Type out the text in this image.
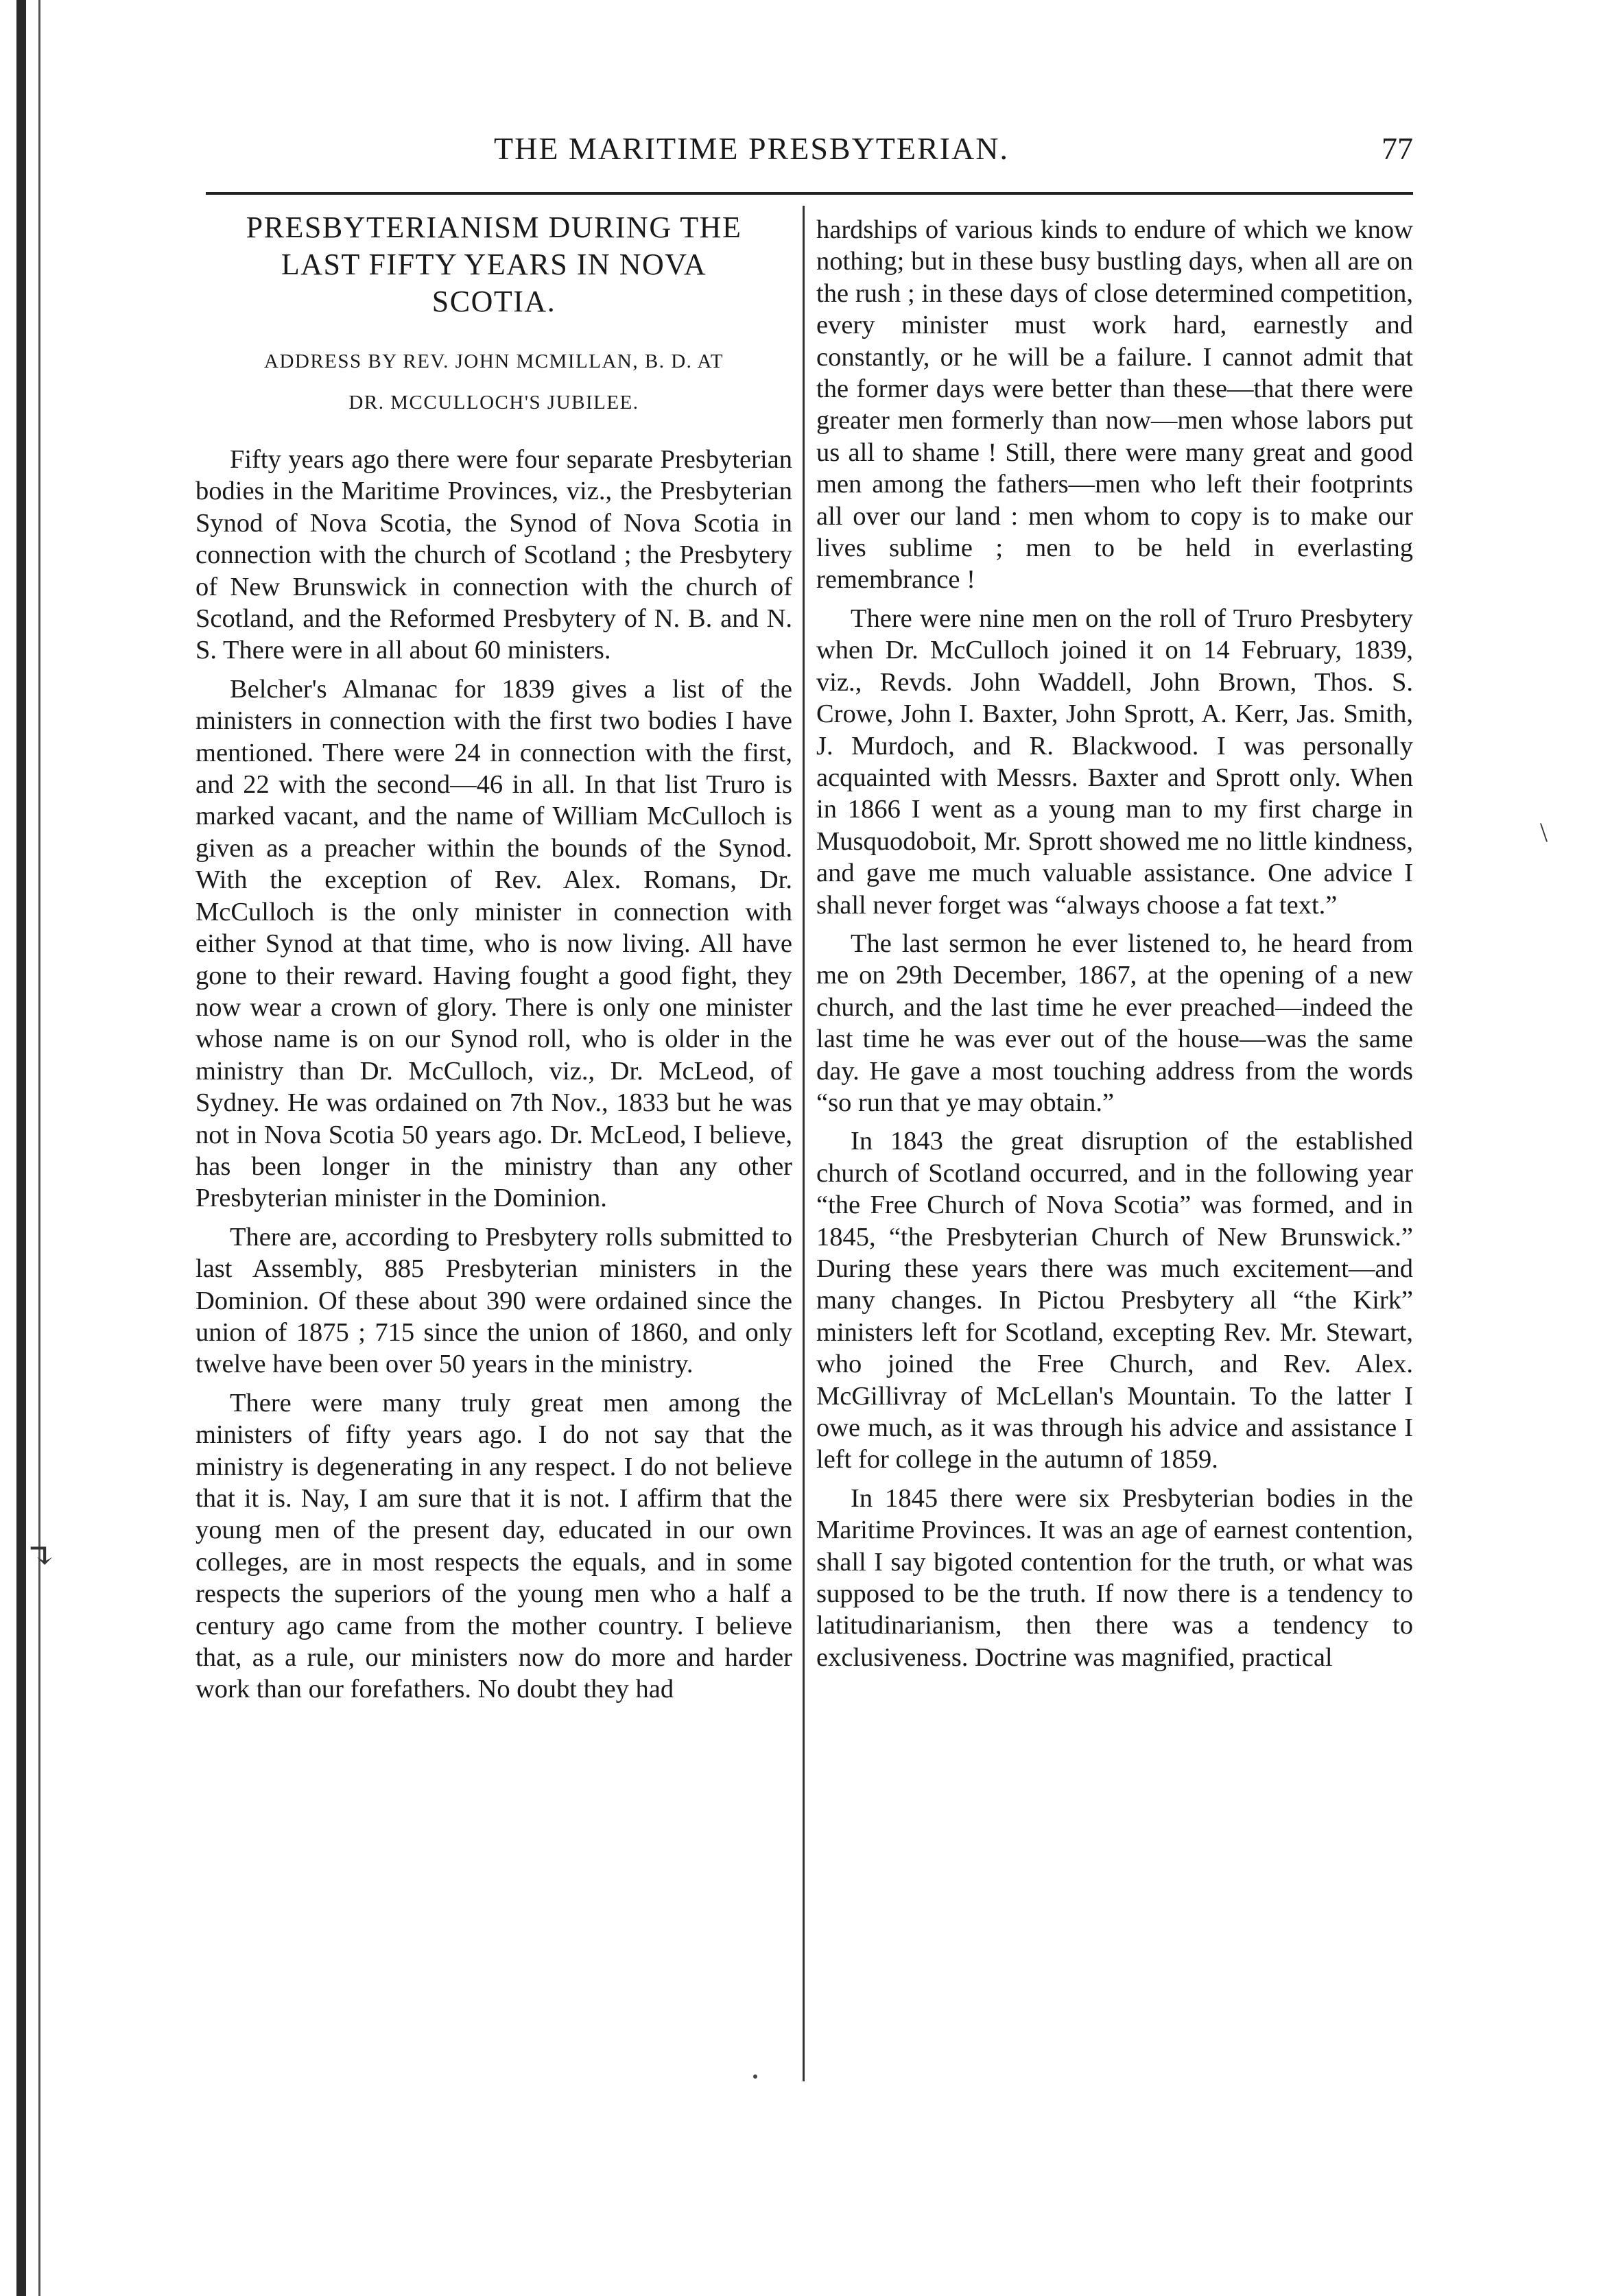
THE MARITIME PRESBYTERIAN.	77
PRESBYTERIANISM DURING THE
LAST FIFTY YEARS IN NOVA
SCOTIA.
ADDRESS BY REV. JOHN MCMILLAN, B. D. AT
DR. MCCULLOCH'S JUBILEE.

Fifty years ago there were four separate Presbyterian bodies in the Maritime Provinces, viz., the Presbyterian Synod of Nova Scotia, the Synod of Nova Scotia in connection with the church of Scotland ; the Presbytery of New Brunswick in connection with the church of Scotland, and the Reformed Presbytery of N. B. and N. S. There were in all about 60 ministers.

Belcher's Almanac for 1839 gives a list of the ministers in connection with the first two bodies I have mentioned. There were 24 in connection with the first, and 22 with the second—46 in all. In that list Truro is marked vacant, and the name of William McCulloch is given as a preacher within the bounds of the Synod. With the exception of Rev. Alex. Romans, Dr. McCulloch is the only minister in connection with either Synod at that time, who is now living. All have gone to their reward. Having fought a good fight, they now wear a crown of glory. There is only one minister whose name is on our Synod roll, who is older in the ministry than Dr. McCulloch, viz., Dr. McLeod, of Sydney. He was ordained on 7th Nov., 1833 but he was not in Nova Scotia 50 years ago. Dr. McLeod, I believe, has been longer in the ministry than any other Presbyterian minister in the Dominion.

There are, according to Presbytery rolls submitted to last Assembly, 885 Presbyterian ministers in the Dominion. Of these about 390 were ordained since the union of 1875 ; 715 since the union of 1860, and only twelve have been over 50 years in the ministry.

There were many truly great men among the ministers of fifty years ago. I do not say that the ministry is degenerating in any respect. I do not believe that it is. Nay, I am sure that it is not. I affirm that the young men of the present day, educated in our own colleges, are in most respects the equals, and in some respects the superiors of the young men who a half a century ago came from the mother country. I believe that, as a rule, our ministers now do more and harder work than our forefathers. No doubt they had

hardships of various kinds to endure of which we know nothing; but in these busy bustling days, when all are on the rush ; in these days of close determined competition, every minister must work hard, earnestly and constantly, or he will be a failure. I cannot admit that the former days were better than these—that there were greater men formerly than now—men whose labors put us all to shame ! Still, there were many great and good men among the fathers—men who left their footprints all over our land : men whom to copy is to make our lives sublime ; men to be held in everlasting remembrance !

There were nine men on the roll of Truro Presbytery when Dr. McCulloch joined it on 14 February, 1839, viz., Revds. John Waddell, John Brown, Thos. S. Crowe, John I. Baxter, John Sprott, A. Kerr, Jas. Smith, J. Murdoch, and R. Blackwood. I was personally acquainted with Messrs. Baxter and Sprott only. When in 1866 I went as a young man to my first charge in Musquodoboit, Mr. Sprott showed me no little kindness, and gave me much valuable assistance. One advice I shall never forget was “always choose a fat text.”

The last sermon he ever listened to, he heard from me on 29th December, 1867, at the opening of a new church, and the last time he ever preached—indeed the last time he was ever out of the house—was the same day. He gave a most touching address from the words “so run that ye may obtain.”

In 1843 the great disruption of the established church of Scotland occurred, and in the following year “the Free Church of Nova Scotia” was formed, and in 1845, “the Presbyterian Church of New Brunswick.” During these years there was much excitement—and many changes. In Pictou Presbytery all “the Kirk” ministers left for Scotland, excepting Rev. Mr. Stewart, who joined the Free Church, and Rev. Alex. McGillivray of McLellan's Mountain. To the latter I owe much, as it was through his advice and assistance I left for college in the autumn of 1859.

In 1845 there were six Presbyterian bodies in the Maritime Provinces. It was an age of earnest contention, shall I say bigoted contention for the truth, or what was supposed to be the truth. If now there is a tendency to latitudinarianism, then there was a tendency to exclusiveness. Doctrine was magnified, practical

\
↴
